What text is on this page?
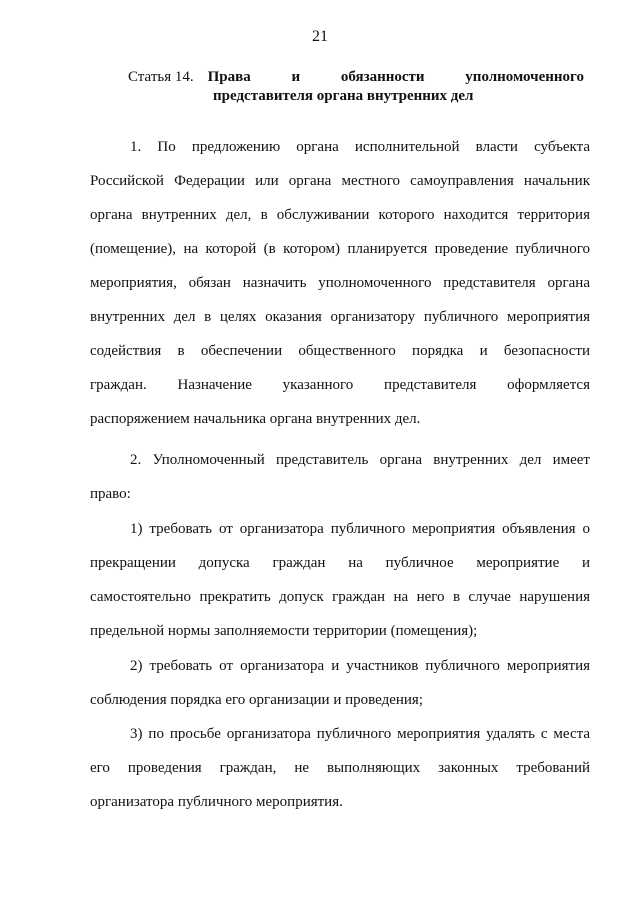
21
Статья 14. Права	и	обязанности	уполномоченного
представителя органа внутренних дел
1. По предложению органа исполнительной власти субъекта
Российской Федерации или органа местного самоуправления начальник
органа внутренних дел, в обслуживании которого находится территория
(помещение), на которой (в котором) планируется проведение публичного
мероприятия, обязан назначить уполномоченного представителя органа
внутренних дел в целях оказания организатору публичного мероприятия
содействия в обеспечении общественного порядка и безопасности
граждан. Назначение указанного представителя оформляется
распоряжением начальника органа внутренних дел.
2. Уполномоченный представитель органа внутренних дел имеет
право:
1) требовать от организатора публичного мероприятия объявления о
прекращении допуска граждан на публичное мероприятие и
самостоятельно прекратить допуск граждан на него в случае нарушения
предельной нормы заполняемости территории (помещения);
2) требовать от организатора и участников публичного мероприятия
соблюдения порядка его организации и проведения;
3) по просьбе организатора публичного мероприятия удалять с места
его проведения граждан, не выполняющих законных требований
организатора публичного мероприятия.
